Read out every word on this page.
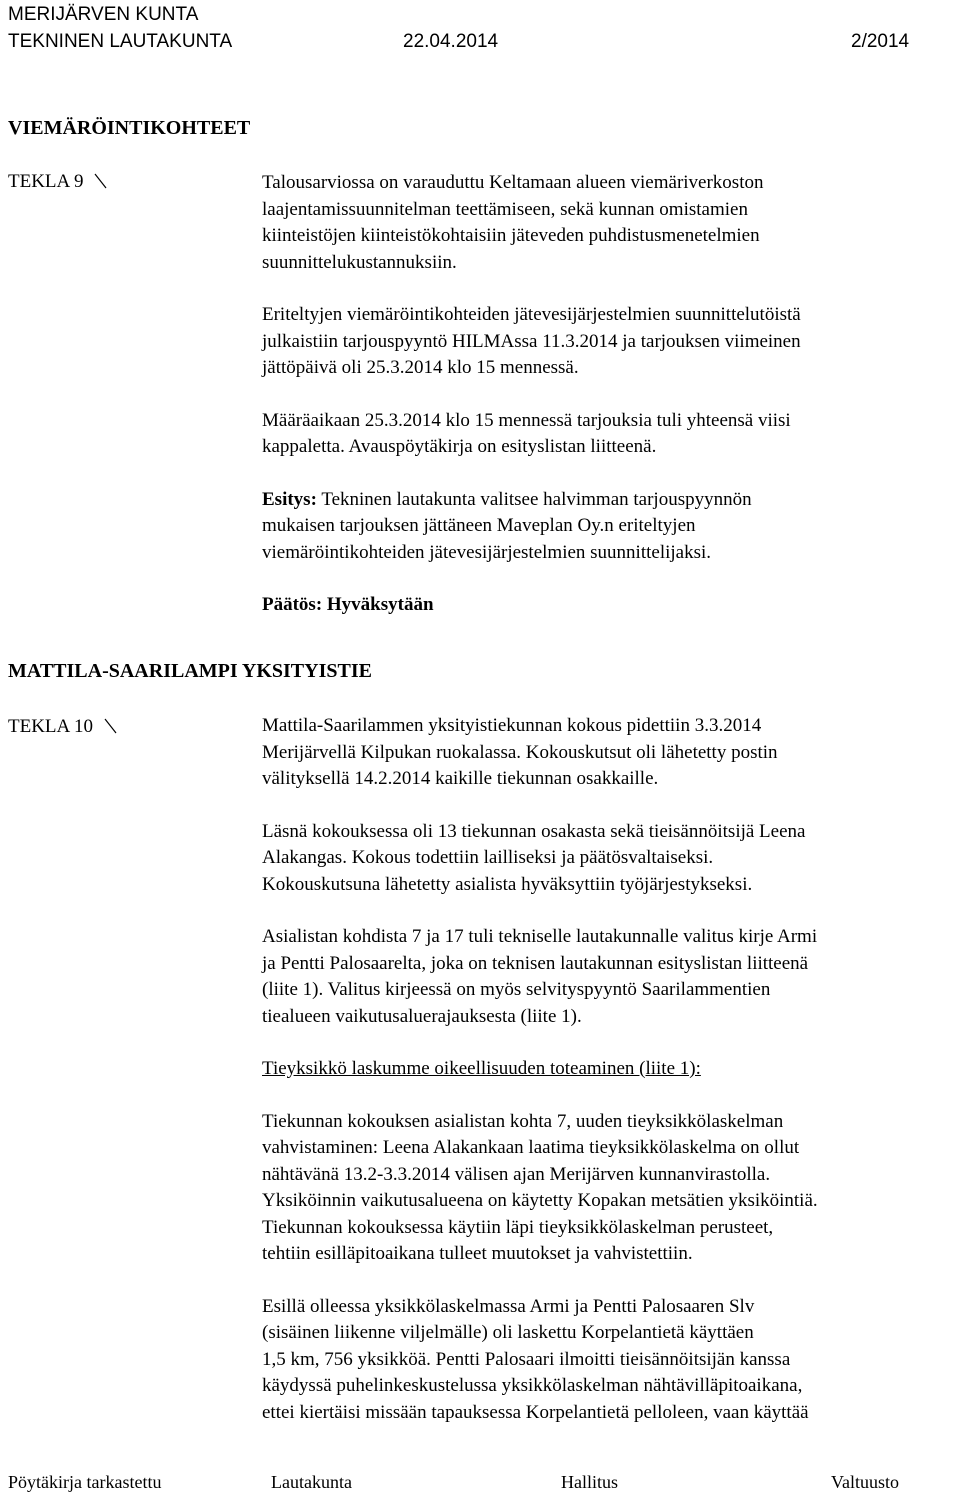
MERIJÄRVEN KUNTA
TEKNINEN LAUTAKUNTA	22.04.2014	2/2014
VIEMÄRÖINTIKOHTEET
TEKLA 9	Talousarviossa on varauduttu Keltamaan alueen viemäriverkoston
laajentamissuunnitelman teettämiseen, sekä kunnan omistamien
kiinteistöjen kiinteistökohtaisiin jäteveden puhdistusmenetelmien
suunnittelukustannuksiin.
Eriteltyjen viemäröintikohteiden jätevesijärjestelmien suunnittelutöistä
julkaistiin tarjouspyyntö HILMAssa 11.3.2014 ja tarjouksen viimeinen
jättöpäivä oli 25.3.2014 klo 15 mennessä.
Määräaikaan 25.3.2014 klo 15 mennessä tarjouksia tuli yhteensä viisi
kappaletta. Avauspöytäkirja on esityslistan liitteenä.
Esitys: Tekninen lautakunta valitsee halvimman tarjouspyynnön
mukaisen tarjouksen jättäneen Maveplan Oy.n eriteltyjen
viemäröintikohteiden jätevesijärjestelmien suunnittelijaksi.
Päätös: Hyväksytään
MATTILA-SAARILAMPI YKSITYISTIE
TEKLA 10	Mattila-Saarilammen yksityistiekunnan kokous pidettiin 3.3.2014
Merijärvellä Kilpukan ruokalassa. Kokouskutsut oli lähetetty postin
välityksellä 14.2.2014 kaikille tiekunnan osakkaille.
Läsnä kokouksessa oli 13 tiekunnan osakasta sekä tieisännöitsijä Leena
Alakangas. Kokous todettiin lailliseksi ja päätösvaltaiseksi.
Kokouskutsuna lähetetty asialista hyväksyttiin työjärjestykseksi.
Asialistan kohdista 7 ja 17 tuli tekniselle lautakunnalle valitus kirje Armi
ja Pentti Palosaarelta, joka on teknisen lautakunnan esityslistan liitteenä
(liite 1). Valitus kirjeessä on myös selvityspyyntö Saarilammentien
tiealueen vaikutusaluerajauksesta (liite 1).
Tieyksikkö laskumme oikeellisuuden toteaminen (liite 1):
Tiekunnan kokouksen asialistan kohta 7, uuden tieyksikkölaskelman
vahvistaminen: Leena Alakankaan laatima tieyksikkölaskelma on ollut
nähtävänä 13.2-3.3.2014 välisen ajan Merijärven kunnanvirastolla.
Yksiköinnin vaikutusalueena on käytetty Kopakan metsätien yksiköintiä.
Tiekunnan kokouksessa käytiin läpi tieyksikkölaskelman perusteet,
tehtiin esilläpitoaikana tulleet muutokset ja vahvistettiin.
Esillä olleessa yksikkölaskelmassa Armi ja Pentti Palosaaren Slv
(sisäinen liikenne viljelmälle) oli laskettu Korpelantietä käyttäen
1,5 km, 756 yksikköä. Pentti Palosaari ilmoitti tieisännöitsijän kanssa
käydyssä puhelinkeskustelussa yksikkölaskelman nähtävilläpitoaikana,
ettei kiertäisi missään tapauksessa Korpelantietä pelloleen, vaan käyttää
Pöytäkirja tarkastettu	Lautakunta	Hallitus	Valtuusto
